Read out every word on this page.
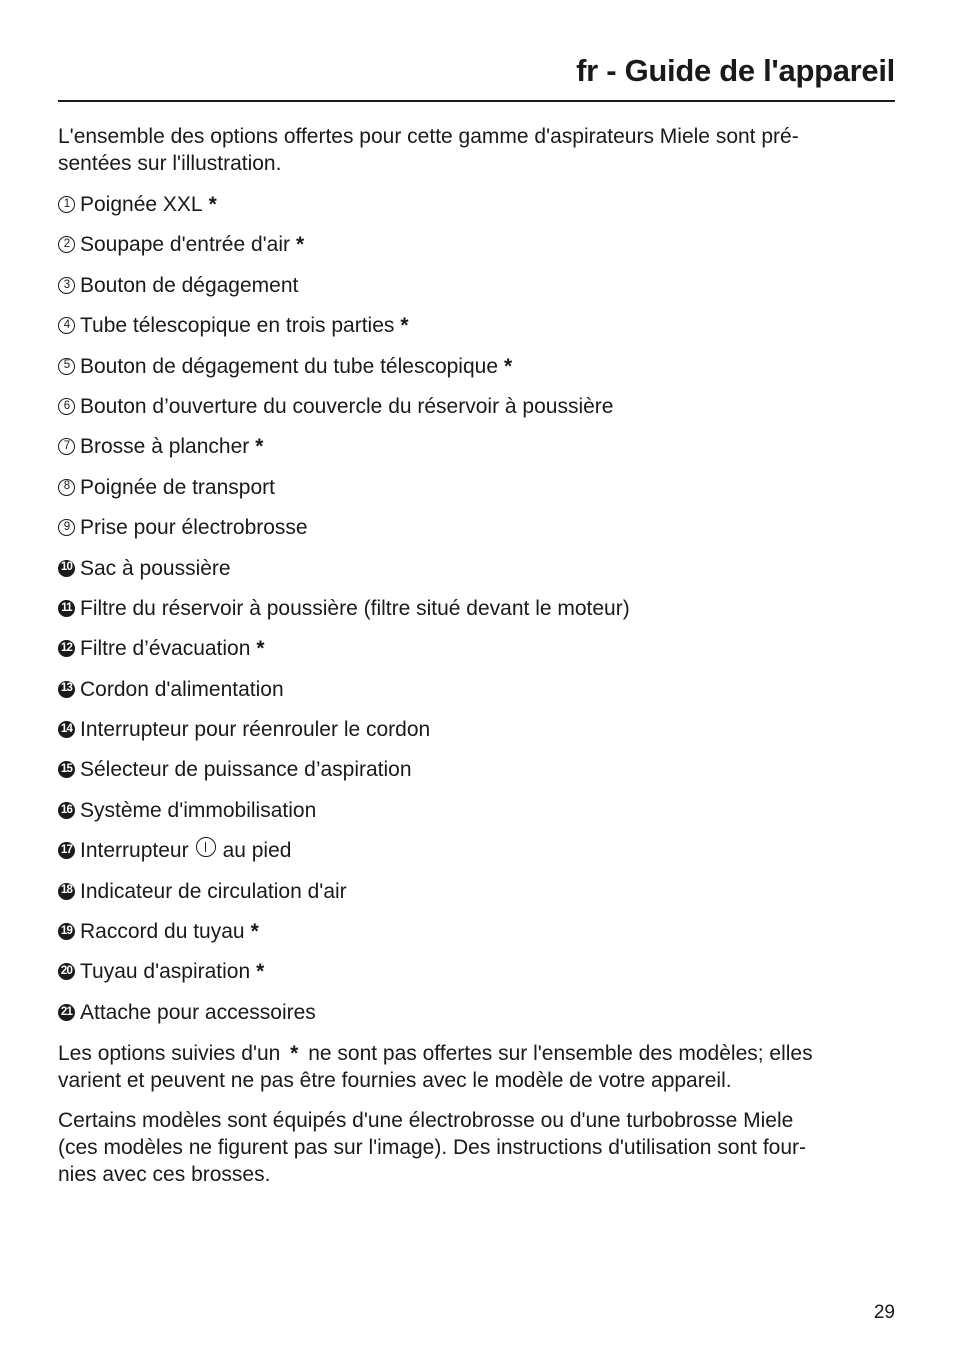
fr - Guide de l'appareil

L'ensemble des options offertes pour cette gamme d'aspirateurs Miele sont pré-
sentées sur l'illustration.

1 Poignée XXL *
2 Soupape d'entrée d'air *
3 Bouton de dégagement
4 Tube télescopique en trois parties *
5 Bouton de dégagement du tube télescopique *
6 Bouton d’ouverture du couvercle du réservoir à poussière
7 Brosse à plancher *
8 Poignée de transport
9 Prise pour électrobrosse
10 Sac à poussière
11 Filtre du réservoir à poussière (filtre situé devant le moteur)
12 Filtre d’évacuation *
13 Cordon d'alimentation
14 Interrupteur pour réenrouler le cordon
15 Sélecteur de puissance d’aspiration
16 Système d'immobilisation
17 Interrupteur au pied
18 Indicateur de circulation d'air
19 Raccord du tuyau *
20 Tuyau d'aspiration *
21 Attache pour accessoires

Les options suivies d'un * ne sont pas offertes sur l'ensemble des modèles; elles
varient et peuvent ne pas être fournies avec le modèle de votre appareil.

Certains modèles sont équipés d'une électrobrosse ou d'une turbobrosse Miele
(ces modèles ne figurent pas sur l'image). Des instructions d'utilisation sont four-
nies avec ces brosses.

29
